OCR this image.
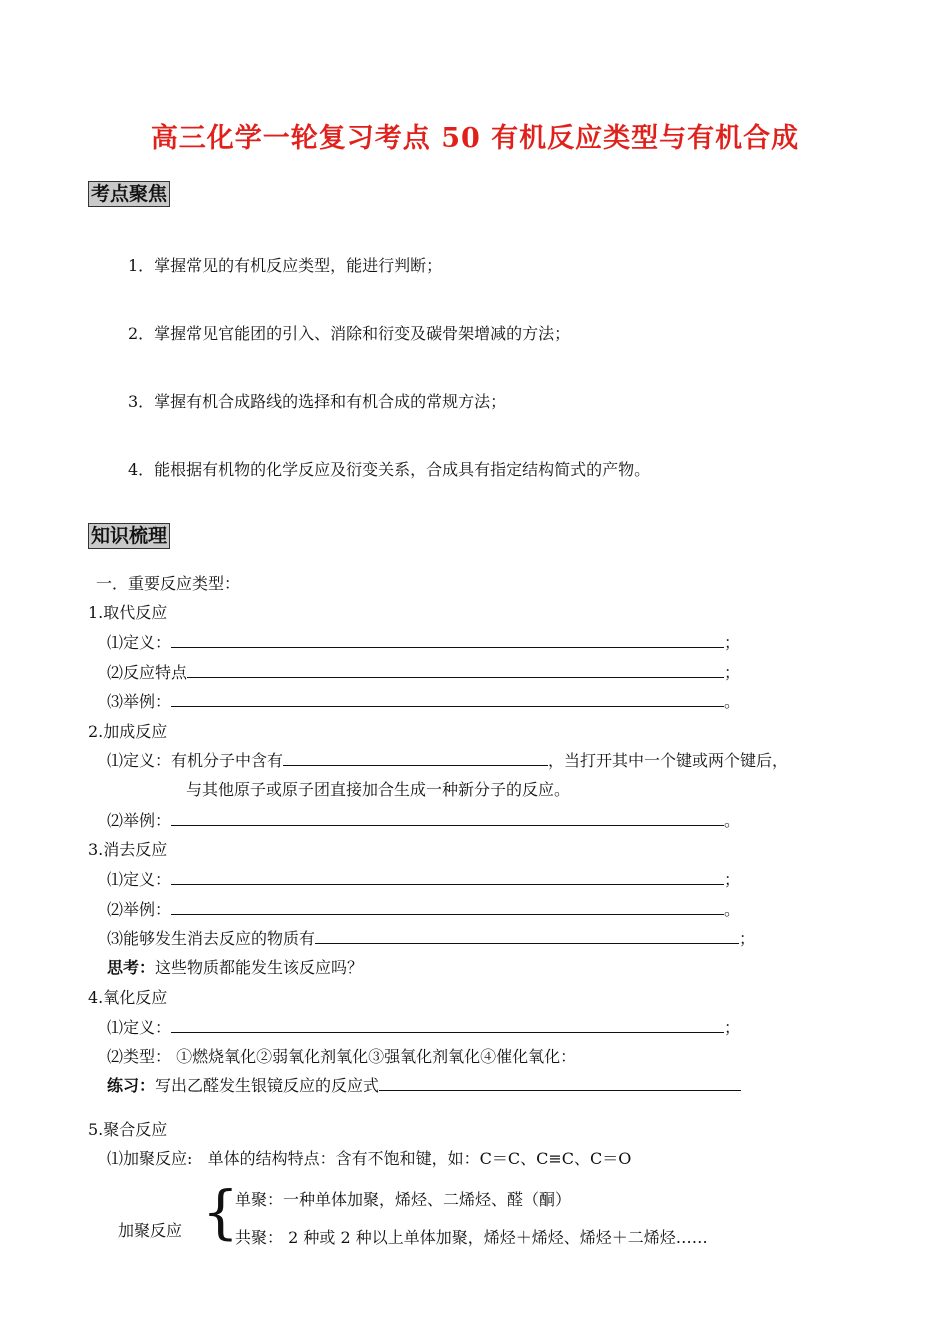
高三化学一轮复习考点 50 有机反应类型与有机合成
考点聚焦
1．掌握常见的有机反应类型，能进行判断；
2．掌握常见官能团的引入、消除和衍变及碳骨架增减的方法；
3．掌握有机合成路线的选择和有机合成的常规方法；
4．能根据有机物的化学反应及衍变关系，合成具有指定结构简式的产物。
知识梳理
一．重要反应类型：
1.取代反应
⑴定义：	；
⑵反应特点	；
⑶举例：	。
2.加成反应
⑴定义：有机分子中含有	，当打开其中一个键或两个键后，
与其他原子或原子团直接加合生成一种新分子的反应。
⑵举例：	。
3.消去反应
⑴定义：	；
⑵举例：	。
⑶能够发生消去反应的物质有	；
思考：这些物质都能发生该反应吗？
4.氧化反应
⑴定义：	；
⑵类型： ①燃烧氧化②弱氧化剂氧化③强氧化剂氧化④催化氧化：
练习：写出乙醛发生银镜反应的反应式
5.聚合反应
⑴加聚反应:   单体的结构特点：含有不饱和键，如：C＝C、C≡C、C＝O
{
加聚反应
单聚：一种单体加聚，烯烃、二烯烃、醛（酮）
共聚： 2 种或 2 种以上单体加聚，烯烃＋烯烃、烯烃＋二烯烃……
